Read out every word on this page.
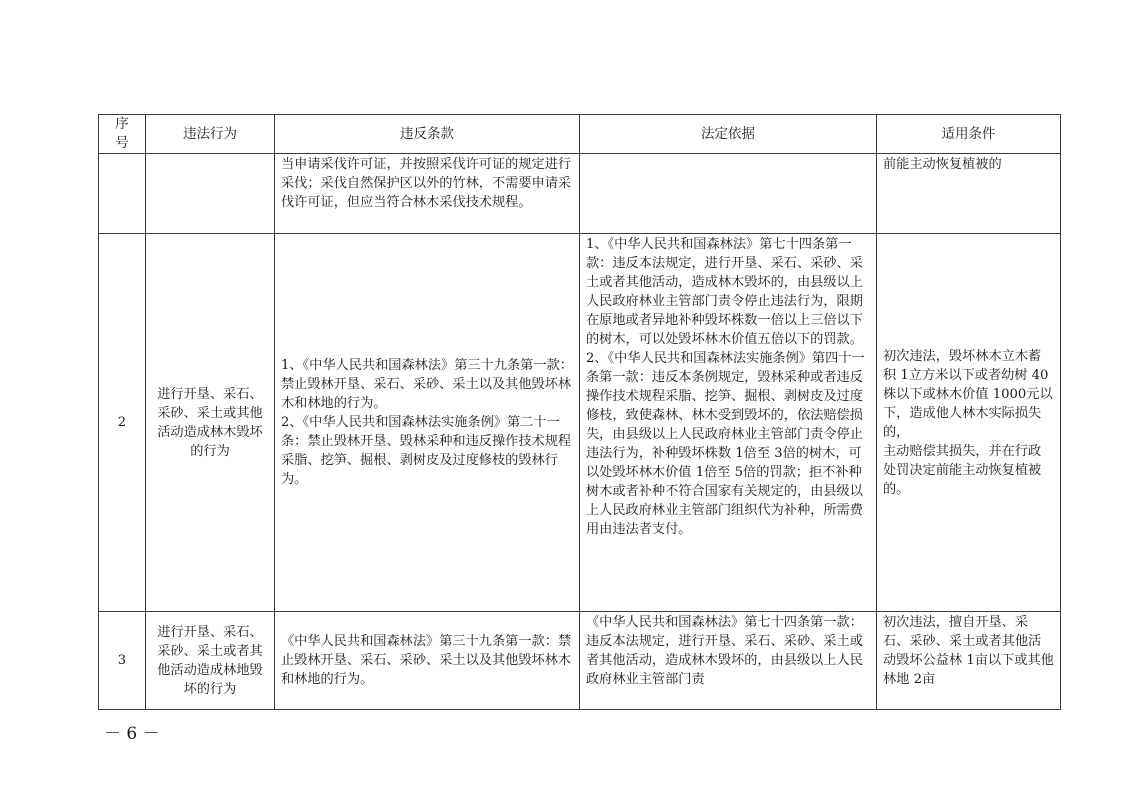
序
号	违法行为	违反条款	法定依据	适用条件
		当申请采伐许可证，并按照采伐许可证的规定进行采伐；采伐自然保护区以外的竹林，不需要申请采伐许可证，但应当符合林木采伐技术规程。		前能主动恢复植被的
2	进行开垦、采石、采砂、采土或其他活动造成林木毁坏的行为	1、《中华人民共和国森林法》第三十九条第一款：禁止毁林开垦、采石、采砂、采土以及其他毁坏林木和林地的行为。
2、《中华人民共和国森林法实施条例》第二十一条：禁止毁林开垦、毁林采种和违反操作技术规程采脂、挖笋、掘根、剥树皮及过度修枝的毁林行为。	1、《中华人民共和国森林法》第七十四条第一款：违反本法规定，进行开垦、采石、采砂、采土或者其他活动，造成林木毁坏的，由县级以上人民政府林业主管部门责令停止违法行为，限期在原地或者异地补种毁坏株数一倍以上三倍以下的树木，可以处毁坏林木价值五倍以下的罚款。
2、《中华人民共和国森林法实施条例》第四十一条第一款：违反本条例规定，毁林采种或者违反操作技术规程采脂、挖笋、掘根、剥树皮及过度修枝，致使森林、林木受到毁坏的，依法赔偿损失，由县级以上人民政府林业主管部门责令停止违法行为，补种毁坏株数 1倍至 3倍的树木，可以处毁坏林木价值 1倍至 5倍的罚款；拒不补种树木或者补种不符合国家有关规定的，由县级以上人民政府林业主管部门组织代为补种，所需费用由违法者支付。	初次违法，毁坏林木立木蓄积 1立方米以下或者幼树 40株以下或林木价值 1000元以下，造成他人林木实际损失的，
主动赔偿其损失，并在行政处罚决定前能主动恢复植被的。
3	进行开垦、采石、采砂、采土或者其他活动造成林地毁坏的行为	《中华人民共和国森林法》第三十九条第一款：禁止毁林开垦、采石、采砂、采土以及其他毁坏林木和林地的行为。	《中华人民共和国森林法》第七十四条第一款：违反本法规定，进行开垦、采石、采砂、采土或者其他活动，造成林木毁坏的，由县级以上人民政府林业主管部门责	初次违法，擅自开垦、采石、采砂、采土或者其他活动毁坏公益林 1亩以下或其他林地 2亩
－ 6 －
